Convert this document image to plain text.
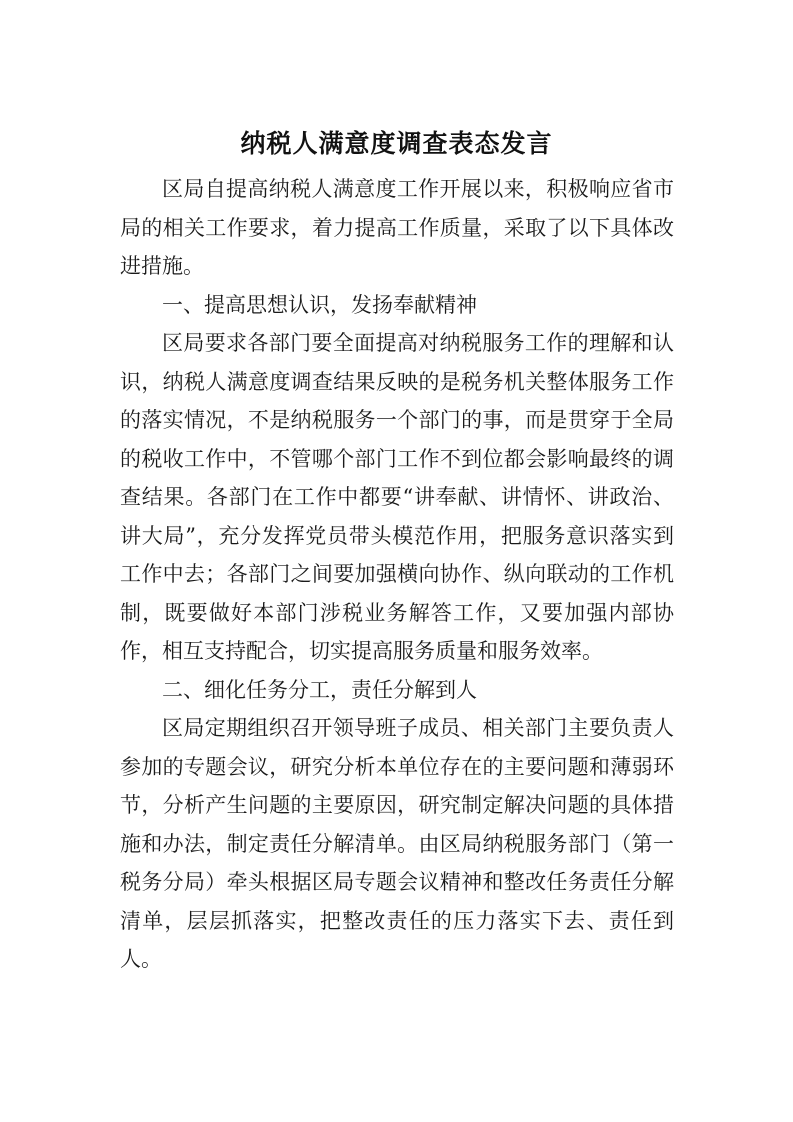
纳税人满意度调查表态发言

区局自提高纳税人满意度工作开展以来，积极响应省市局的相关工作要求，着力提高工作质量，采取了以下具体改进措施。

一、提高思想认识，发扬奉献精神

区局要求各部门要全面提高对纳税服务工作的理解和认识，纳税人满意度调查结果反映的是税务机关整体服务工作的落实情况，不是纳税服务一个部门的事，而是贯穿于全局的税收工作中，不管哪个部门工作不到位都会影响最终的调查结果。各部门在工作中都要“讲奉献、讲情怀、讲政治、讲大局”，充分发挥党员带头模范作用，把服务意识落实到工作中去；各部门之间要加强横向协作、纵向联动的工作机制，既要做好本部门涉税业务解答工作，又要加强内部协作，相互支持配合，切实提高服务质量和服务效率。

二、细化任务分工，责任分解到人

区局定期组织召开领导班子成员、相关部门主要负责人参加的专题会议，研究分析本单位存在的主要问题和薄弱环节，分析产生问题的主要原因，研究制定解决问题的具体措施和办法，制定责任分解清单。由区局纳税服务部门（第一税务分局）牵头根据区局专题会议精神和整改任务责任分解清单，层层抓落实，把整改责任的压力落实下去、责任到人。
